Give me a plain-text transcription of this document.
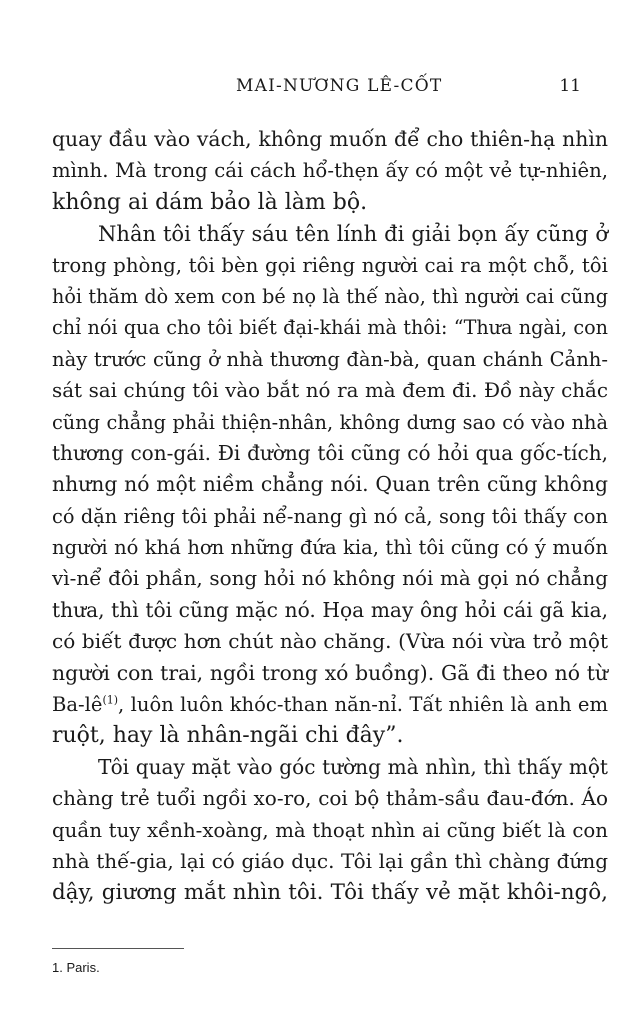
MAI-NƯƠNG LÊ-CỐT	11
quay đầu vào vách, không muốn để cho thiên-hạ nhìn
mình. Mà trong cái cách hổ-thẹn ấy có một vẻ tự-nhiên,
không ai dám bảo là làm bộ.
Nhân tôi thấy sáu tên lính đi giải bọn ấy cũng ở
trong phòng, tôi bèn gọi riêng người cai ra một chỗ, tôi
hỏi thăm dò xem con bé nọ là thế nào, thì người cai cũng
chỉ nói qua cho tôi biết đại-khái mà thôi: “Thưa ngài, con
này trước cũng ở nhà thương đàn-bà, quan chánh Cảnh-
sát sai chúng tôi vào bắt nó ra mà đem đi. Đồ này chắc
cũng chẳng phải thiện-nhân, không dưng sao có vào nhà
thương con-gái. Đi đường tôi cũng có hỏi qua gốc-tích,
nhưng nó một niềm chẳng nói. Quan trên cũng không
có dặn riêng tôi phải nể-nang gì nó cả, song tôi thấy con
người nó khá hơn những đứa kia, thì tôi cũng có ý muốn
vì-nể đôi phần, song hỏi nó không nói mà gọi nó chẳng
thưa, thì tôi cũng mặc nó. Họa may ông hỏi cái gã kia,
có biết được hơn chút nào chăng. (Vừa nói vừa trỏ một
người con trai, ngồi trong xó buồng). Gã đi theo nó từ
$Ba-lê^{(1)}$, luôn luôn khóc-than năn-nỉ. Tất nhiên là anh em
ruột, hay là nhân-ngãi chi đây”.
Tôi quay mặt vào góc tường mà nhìn, thì thấy một
chàng trẻ tuổi ngồi xo-ro, coi bộ thảm-sầu đau-đớn. Áo
quần tuy xềnh-xoàng, mà thoạt nhìn ai cũng biết là con
nhà thế-gia, lại có giáo dục. Tôi lại gần thì chàng đứng
dậy, giương mắt nhìn tôi. Tôi thấy vẻ mặt khôi-ngô,
1. Paris.
